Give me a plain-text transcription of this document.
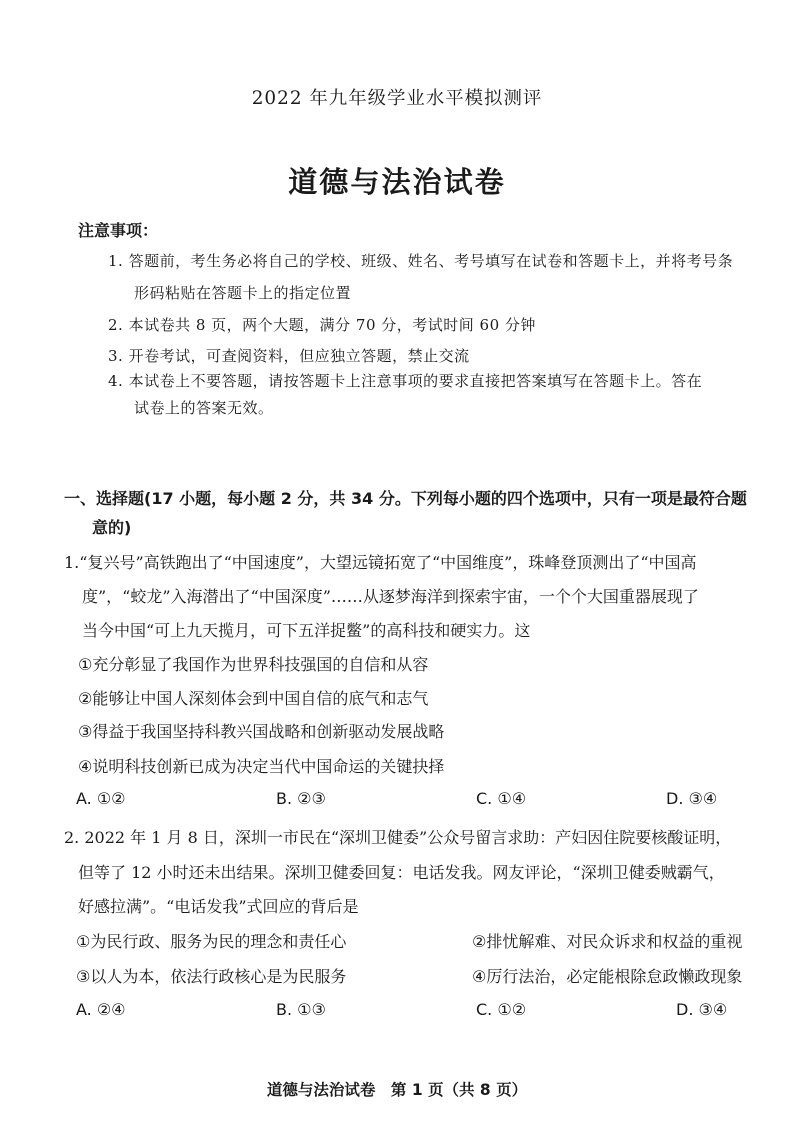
2022 年九年级学业水平模拟测评
道德与法治试卷
注意事项：
1. 答题前，考生务必将自己的学校、班级、姓名、考号填写在试卷和答题卡上，并将考号条
形码粘贴在答题卡上的指定位置
2. 本试卷共 8 页，两个大题，满分 70 分，考试时间 60 分钟
3. 开卷考试，可查阅资料，但应独立答题，禁止交流
4. 本试卷上不要答题，请按答题卡上注意事项的要求直接把答案填写在答题卡上。答在
试卷上的答案无效。
一、选择题(17 小题，每小题 2 分，共 34 分。下列每小题的四个选项中，只有一项是最符合题
意的)
1.“复兴号”高铁跑出了“中国速度”，大望远镜拓宽了“中国维度”，珠峰登顶测出了“中国高
度”，“蛟龙”入海潜出了“中国深度”……从逐梦海洋到探索宇宙，一个个大国重器展现了
当今中国“可上九天揽月，可下五洋捉鳖”的高科技和硬实力。这
①充分彰显了我国作为世界科技强国的自信和从容
②能够让中国人深刻体会到中国自信的底气和志气
③得益于我国坚持科教兴国战略和创新驱动发展战略
④说明科技创新已成为决定当代中国命运的关键抉择
A. ①②	B. ②③	C. ①④	D. ③④
2. 2022 年 1 月 8 日，深圳一市民在“深圳卫健委”公众号留言求助：产妇因住院要核酸证明，
但等了 12 小时还未出结果。深圳卫健委回复：电话发我。网友评论，“深圳卫健委贼霸气，
好感拉满”。“电话发我”式回应的背后是
①为民行政、服务为民的理念和责任心	②排忧解难、对民众诉求和权益的重视
③以人为本，依法行政核心是为民服务	④厉行法治，必定能根除怠政懒政现象
A. ②④	B. ①③	C. ①②	D. ③④
道德与法治试卷　第 1 页（共 8 页）
